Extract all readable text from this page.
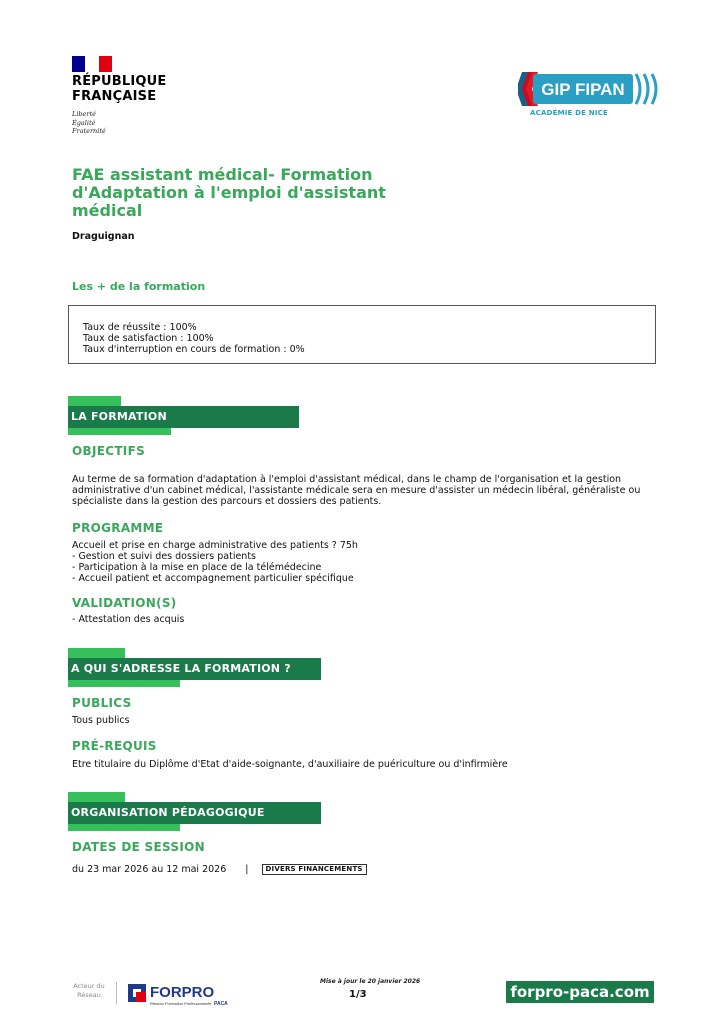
RÉPUBLIQUE
FRANÇAISE
Liberté
Égalité
Fraternité
GIP FIPAN
ACADÉMIE DE NICE
FAE assistant médical- Formation d'Adaptation à l'emploi d'assistant médical
Draguignan
Les + de la formation
Taux de réussite : 100%
Taux de satisfaction : 100%
Taux d'interruption en cours de formation : 0%
LA FORMATION
OBJECTIFS
Au terme de sa formation d'adaptation à l'emploi d'assistant médical, dans le champ de l'organisation et la gestion administrative d'un cabinet médical, l'assistante médicale sera en mesure d'assister un médecin libéral, généraliste ou spécialiste dans la gestion des parcours et dossiers des patients.
PROGRAMME
Accueil et prise en charge administrative des patients ? 75h
- Gestion et suivi des dossiers patients
- Participation à la mise en place de la télémédecine
- Accueil patient et accompagnement particulier spécifique
VALIDATION(S)
- Attestation des acquis
A QUI S'ADRESSE LA FORMATION ?
PUBLICS
Tous publics
PRÉ-REQUIS
Etre titulaire du Diplôme d'Etat d'aide-soignante, d'auxiliaire de puériculture ou d'infirmière
ORGANISATION PÉDAGOGIQUE
DATES DE SESSION
du 23 mar 2026 au 12 mai 2026 | DIVERS FINANCEMENTS
Acteur du
Réseau	FORPRO
Réseau Formation Professionnelle PACA
Mise à jour le 20 janvier 2026
1/3	forpro-paca.com
